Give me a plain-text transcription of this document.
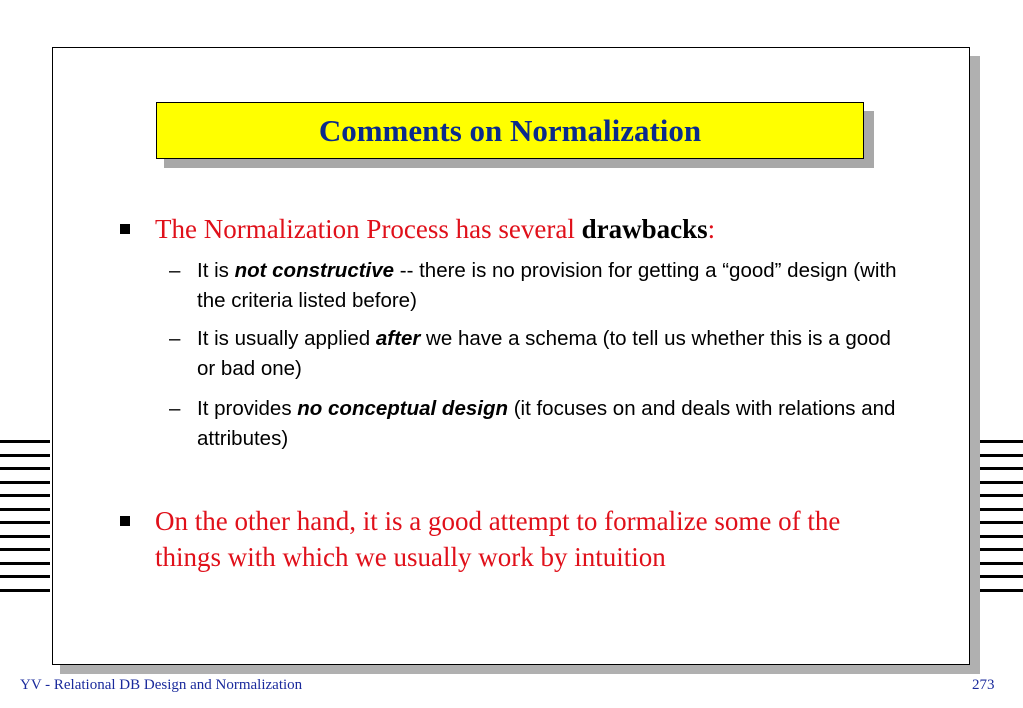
Comments on Normalization
The Normalization Process has several drawbacks:
– It is not constructive -- there is no provision for getting a “good” design (with the criteria listed before)
– It is usually applied after we have a schema (to tell us whether this is a good or bad one)
– It provides no conceptual design (it focuses on and deals with relations and attributes)
On the other hand, it is a good attempt to formalize some of the things with which we usually work by intuition
YV - Relational DB Design and Normalization	273
